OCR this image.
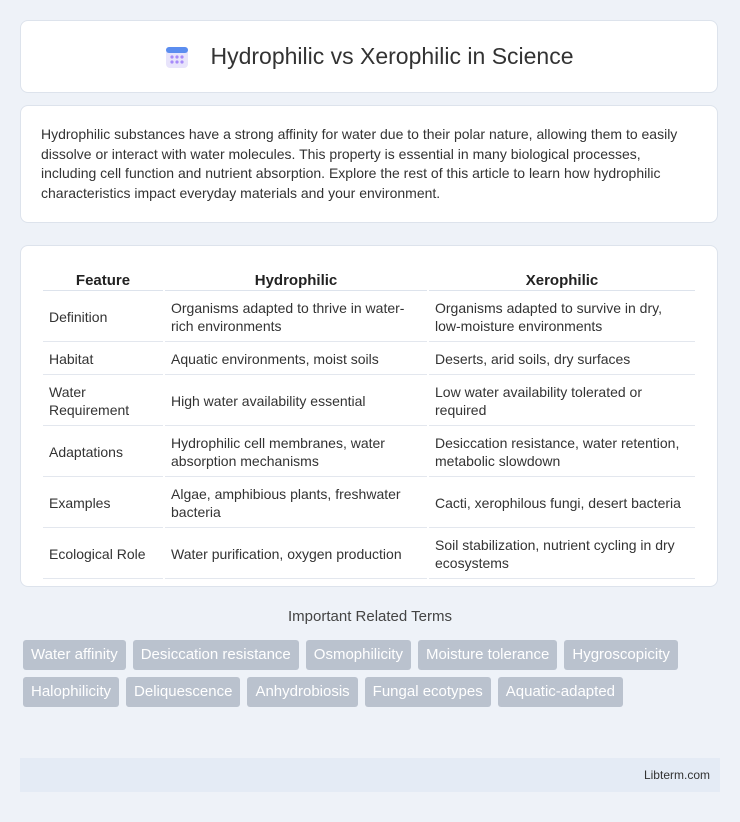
Hydrophilic vs Xerophilic in Science
Hydrophilic substances have a strong affinity for water due to their polar nature, allowing them to easily dissolve or interact with water molecules. This property is essential in many biological processes, including cell function and nutrient absorption. Explore the rest of this article to learn how hydrophilic characteristics impact everyday materials and your environment.
Feature	Hydrophilic	Xerophilic
Definition	Organisms adapted to thrive in water-rich environments	Organisms adapted to survive in dry, low-moisture environments
Habitat	Aquatic environments, moist soils	Deserts, arid soils, dry surfaces
Water Requirement	High water availability essential	Low water availability tolerated or required
Adaptations	Hydrophilic cell membranes, water absorption mechanisms	Desiccation resistance, water retention, metabolic slowdown
Examples	Algae, amphibious plants, freshwater bacteria	Cacti, xerophilous fungi, desert bacteria
Ecological Role	Water purification, oxygen production	Soil stabilization, nutrient cycling in dry ecosystems
Important Related Terms
Water affinity	Desiccation resistance	Osmophilicity	Moisture tolerance	Hygroscopicity
Halophilicity	Deliquescence	Anhydrobiosis	Fungal ecotypes	Aquatic-adapted
Libterm.com
